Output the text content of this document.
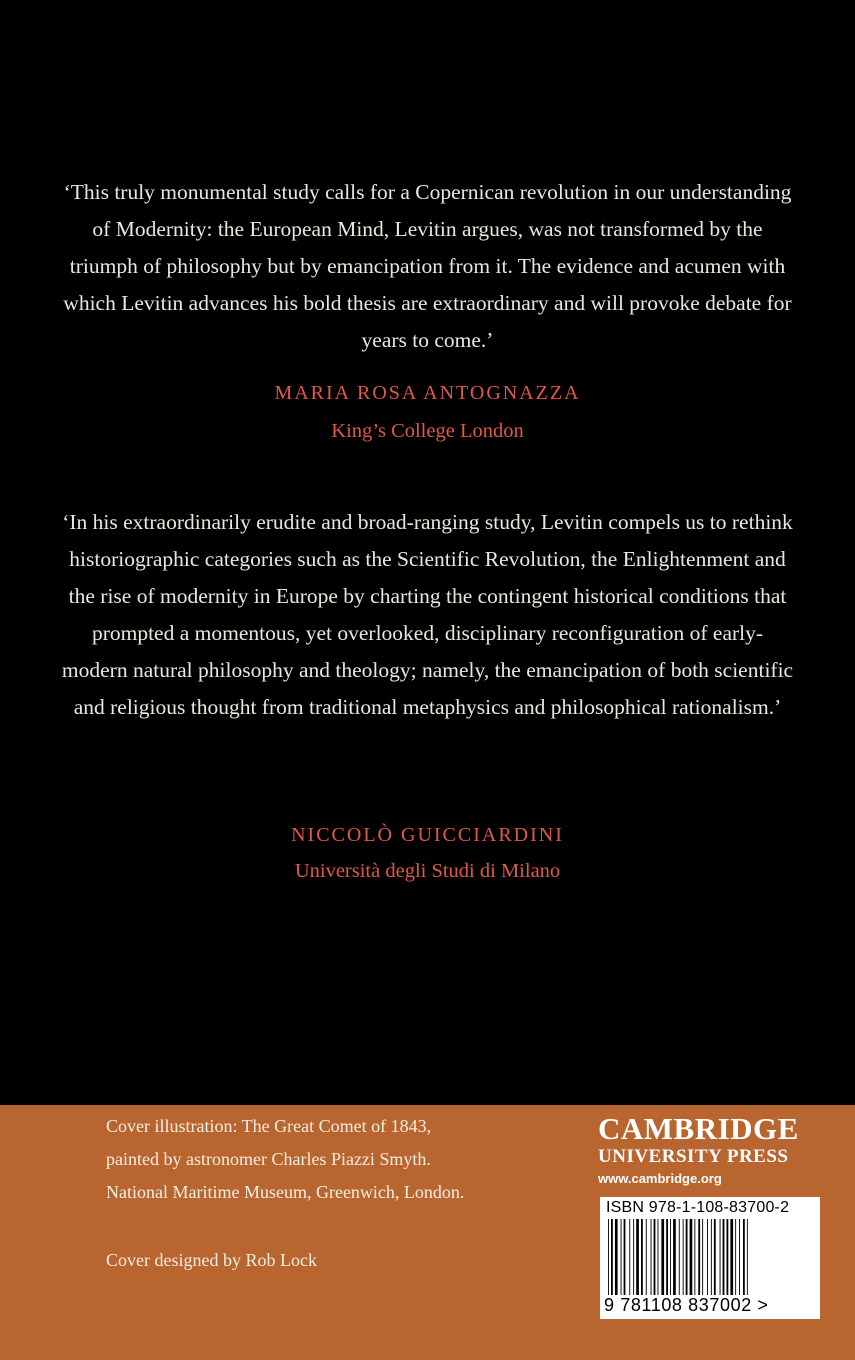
‘This truly monumental study calls for a Copernican revolution in our understanding of Modernity: the European Mind, Levitin argues, was not transformed by the triumph of philosophy but by emancipation from it. The evidence and acumen with which Levitin advances his bold thesis are extraordinary and will provoke debate for years to come.’

MARIA ROSA ANTOGNAZZA

King’s College London

‘In his extraordinarily erudite and broad-ranging study, Levitin compels us to rethink historiographic categories such as the Scientific Revolution, the Enlightenment and the rise of modernity in Europe by charting the contingent historical conditions that prompted a momentous, yet overlooked, disciplinary reconfiguration of early-modern natural philosophy and theology; namely, the emancipation of both scientific and religious thought from traditional metaphysics and philosophical rationalism.’

NICCOLÒ GUICCIARDINI

Università degli Studi di Milano

Cover illustration: The Great Comet of 1843,

painted by astronomer Charles Piazzi Smyth.

National Maritime Museum, Greenwich, London.

Cover designed by Rob Lock

CAMBRIDGE

UNIVERSITY PRESS

www.cambridge.org

ISBN 978-1-108-83700-2
9 781108 837002 >
